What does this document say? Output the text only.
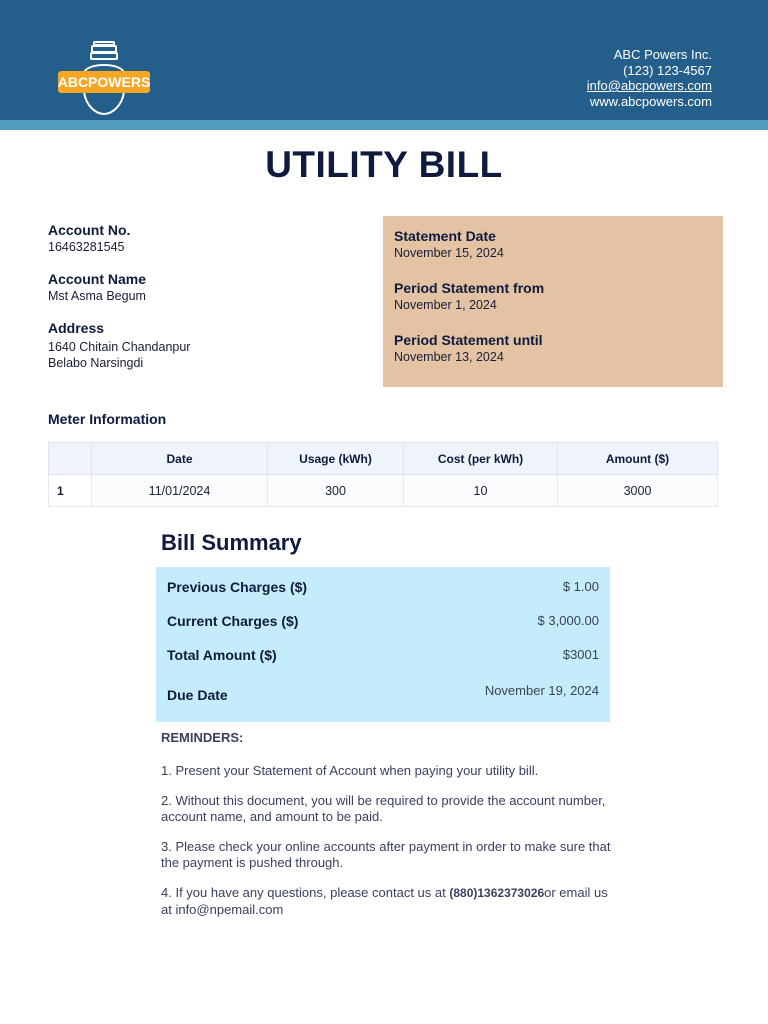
ABCPOWERS
ABC Powers Inc.
(123) 123-4567
info@abcpowers.com
www.abcpowers.com
UTILITY BILL
Account No.
16463281545
Account Name
Mst Asma Begum
Address
1640 Chitain Chandanpur
Belabo Narsingdi
Statement Date
November 15, 2024
Period Statement from
November 1, 2024
Period Statement until
November 13, 2024
Meter Information
	Date	Usage (kWh)	Cost (per kWh)	Amount ($)
1	11/01/2024	300	10	3000
Bill Summary
Previous Charges ($)	$ 1.00
Current Charges ($)	$ 3,000.00
Total Amount ($)	$3001
Due Date	November 19, 2024
REMINDERS:

1. Present your Statement of Account when paying your utility bill.

2. Without this document, you will be required to provide the account number, account name, and amount to be paid.

3. Please check your online accounts after payment in order to make sure that the payment is pushed through.

4. If you have any questions, please contact us at (880)1362373026or email us at info@npemail.com
